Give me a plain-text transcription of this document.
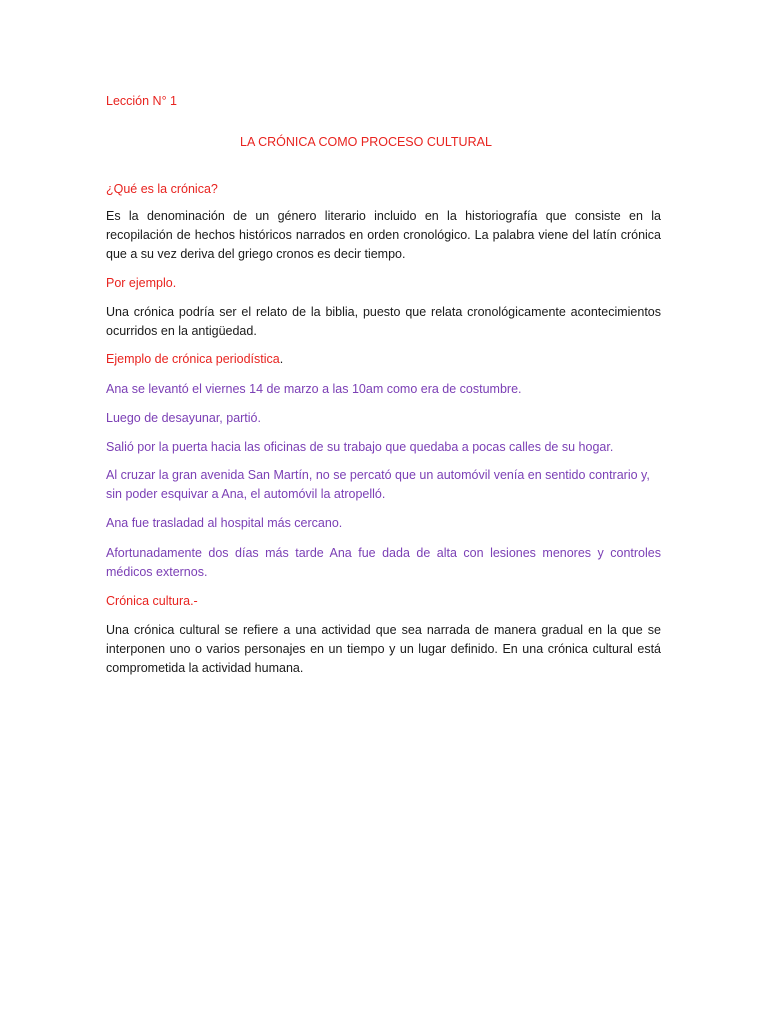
Lección N° 1

LA CRÓNICA COMO PROCESO CULTURAL

¿Qué es la crónica?

Es la denominación de un género literario incluido en la historiografía que consiste en la recopilación de hechos históricos narrados en orden cronológico. La palabra viene del latín crónica que a su vez deriva del griego cronos es decir tiempo.

Por ejemplo.

Una crónica podría ser el relato de la biblia, puesto que relata cronológicamente acontecimientos ocurridos en la antigüedad.

Ejemplo de crónica periodística.

Ana se levantó el viernes 14 de marzo a las 10am como era de costumbre.

Luego de desayunar, partió.

Salió por la puerta hacia las oficinas de su trabajo que quedaba a pocas calles de su hogar.

Al cruzar la gran avenida San Martín, no se percató que un automóvil venía en sentido contrario y, sin poder esquivar a Ana, el automóvil la atropelló.

Ana fue trasladad al hospital más cercano.

Afortunadamente dos días más tarde Ana fue dada de alta con lesiones menores y controles médicos externos.

Crónica cultura.-

Una crónica cultural se refiere a una actividad que sea narrada de manera gradual en la que se interponen uno o varios personajes en un tiempo y un lugar definido. En una crónica cultural está comprometida la actividad humana.
